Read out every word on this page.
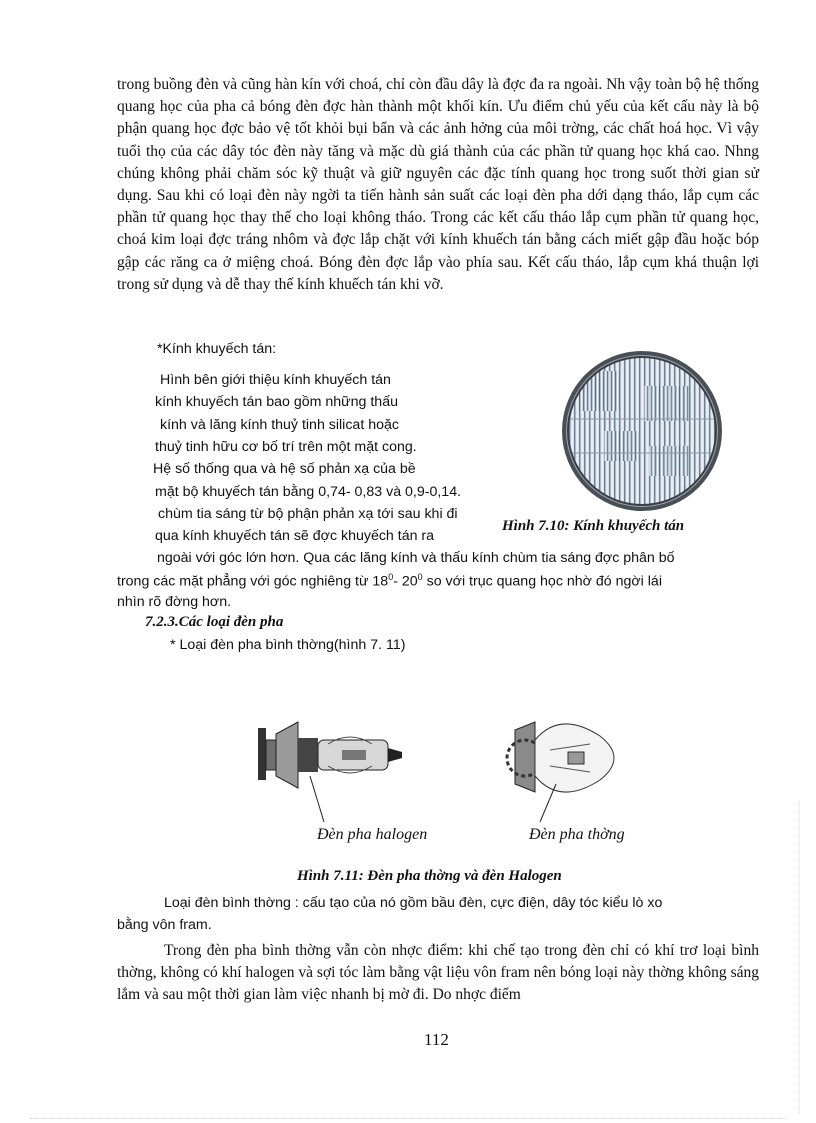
trong buồng đèn và cũng hàn kín với choá, chỉ còn đầu dây là đợc đa ra ngoài. Nh vậy toàn bộ hệ thống quang học của pha cả bóng đèn đợc hàn thành một khối kín. Ưu điểm chủ yếu của kết cấu này là bộ phận quang học đợc bảo vệ tốt khỏi bụi bẩn và các ảnh hởng của môi trờng, các chất hoá học. Vì vậy tuổi thọ của các dây tóc đèn này tăng và mặc dù giá thành của các phần tử quang học khá cao. Nhng chúng không phải chăm sóc kỹ thuật và giữ nguyên các đặc tính quang học trong suốt thời gian sử dụng. Sau khi có loại đèn này ngời ta tiến hành sản suất các loại đèn pha dới dạng tháo, lắp cụm các phần tử quang học thay thế cho loại không tháo. Trong các kết cấu tháo lắp cụm phần tử quang học, choá kim loại đợc tráng nhôm và đợc lắp chặt với kính khuếch tán bằng cách miết gập đầu hoặc bóp gập các răng ca ở miệng choá. Bóng đèn đợc lắp vào phía sau. Kết cấu tháo, lắp cụm khá thuận lợi trong sử dụng và dễ thay thế kính khuếch tán khi vỡ.

*Kính khuyếch tán:

Hình bên giới thiệu kính khuyếch tán

kính khuyếch tán bao gồm những thấu

kính và lăng kính thuỷ tinh silicat hoặc

thuỷ tinh hữu cơ bố trí trên một mặt cong.

Hệ số thống qua và hệ số phản xạ của bề

mặt bộ khuyếch tán bằng 0,74- 0,83 và 0,9-0,14.

chùm tia sáng từ bộ phận phản xạ tới sau khi đi

qua kính khuyếch tán sẽ đợc khuyếch tán ra

ngoài với góc lớn hơn. Qua các lăng kính và thấu kính chùm tia sáng đợc phân bố

trong các mặt phẳng với góc nghiêng từ $18^0-$ $20^0$ so với trục quang học nhờ đó ngời lái

nhìn rõ đờng hơn.

Hình 7.10: Kính khuyếch tán

7.2.3.Các loại đèn pha

* Loại đèn pha bình thờng(hình 7. 11)

Đèn pha halogen	Đèn pha thờng
Hình 7.11: Đèn pha thờng và đèn Halogen

Loại đèn bình thờng : cấu tạo của nó gồm bầu đèn, cực điện, dây tóc kiểu lò xo

bằng vôn fram.

Trong đèn pha bình thờng vẫn còn nhợc điểm: khi chế tạo trong đèn chỉ có khí trơ loại bình thờng, không có khí halogen và sợi tóc làm bằng vật liệu vôn fram nên bóng loại này thờng không sáng lắm và sau một thời gian làm việc nhanh bị mờ đi. Do nhợc điểm

112
